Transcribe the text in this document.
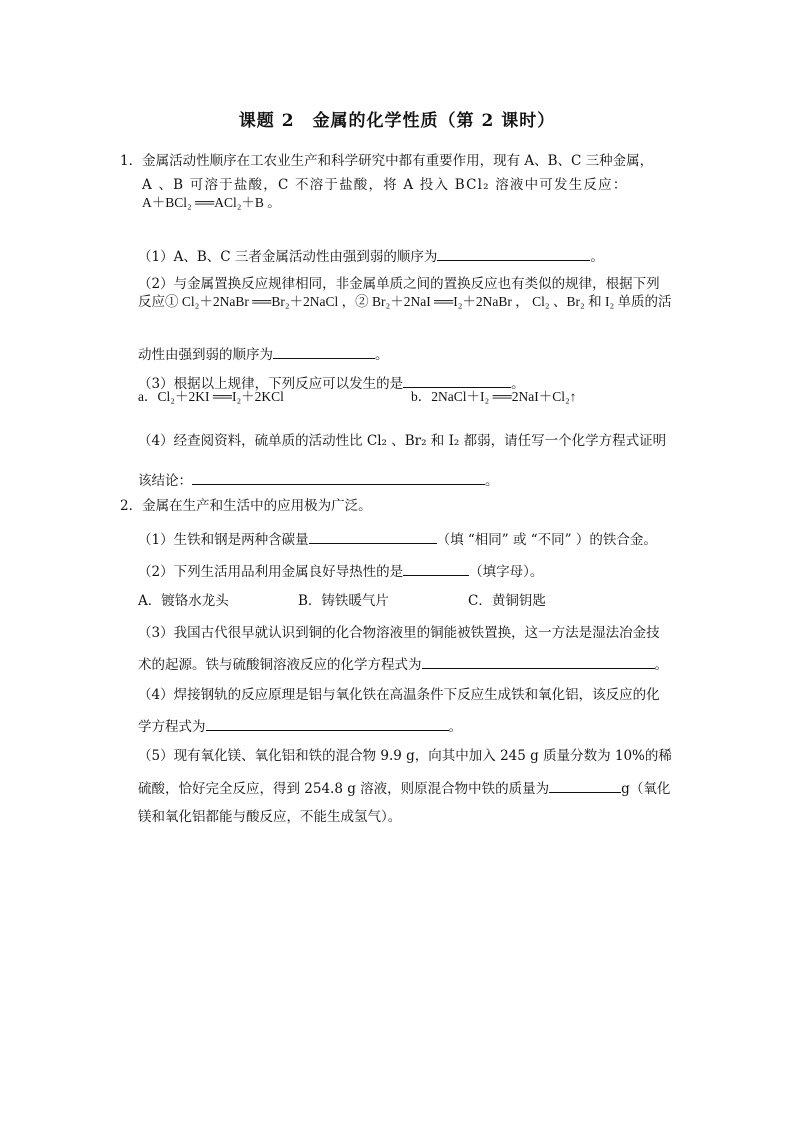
课题 2　金属的化学性质（第 2 课时）
1．金属活动性顺序在工农业生产和科学研究中都有重要作用，现有 A、B、C 三种金属，
A 、B 可溶于盐酸，C 不溶于盐酸，将 A 投入 BCl₂ 溶液中可发生反应：
A＋BCl₂ ══ACl₂＋B 。
（1）A、B、C 三者金属活动性由强到弱的顺序为	。
（2）与金属置换反应规律相同，非金属单质之间的置换反应也有类似的规律，根据下列
反应① Cl₂＋2NaBr ══Br₂＋2NaCl ，② Br₂＋2NaI ══I₂＋2NaBr ， Cl₂ 、Br₂ 和 I₂ 单质的活
动性由强到弱的顺序为	。
（3）根据以上规律，下列反应可以发生的是	。
a．Cl₂＋2KI ══I₂＋2KCl	b．2NaCl＋I₂ ══2NaI＋Cl₂↑
（4）经查阅资料，硫单质的活动性比 Cl₂ 、Br₂ 和 I₂ 都弱，请任写一个化学方程式证明
该结论：	。
2．金属在生产和生活中的应用极为广泛。
（1）生铁和钢是两种含碳量	（填 “相同” 或 “不同” ）的铁合金。
（2）下列生活用品利用金属良好导热性的是	（填字母）。
A．镀铬水龙头	B．铸铁暖气片	C．黄铜钥匙
（3）我国古代很早就认识到铜的化合物溶液里的铜能被铁置换，这一方法是湿法冶金技
术的起源。铁与硫酸铜溶液反应的化学方程式为	。
（4）焊接钢轨的反应原理是铝与氧化铁在高温条件下反应生成铁和氧化铝，该反应的化
学方程式为	。
（5）现有氧化镁、氧化铝和铁的混合物 9.9 g，向其中加入 245 g 质量分数为 10%的稀
硫酸，恰好完全反应，得到 254.8 g 溶液，则原混合物中铁的质量为	g（氧化
镁和氧化铝都能与酸反应，不能生成氢气）。
